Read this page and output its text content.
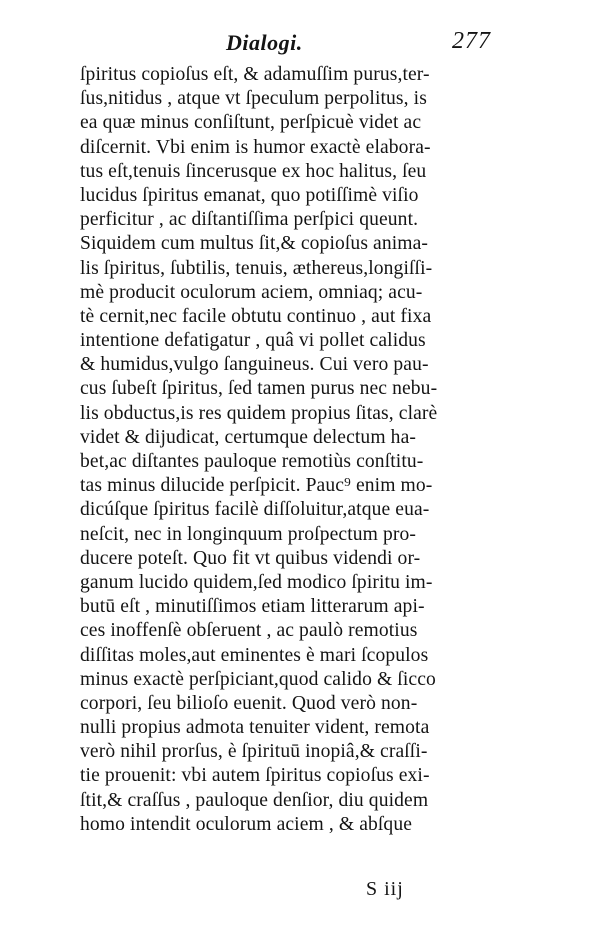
Dialogi.	277
ſpiritus copioſus eſt, & adamuſſim purus,ter-
ſus,nitidus , atque vt ſpeculum perpolitus, is
ea quæ minus conſiſtunt, perſpicuè videt ac
diſcernit. Vbi enim is humor exactè elabora-
tus eſt,tenuis ſincerusque ex hoc halitus, ſeu
lucidus ſpiritus emanat, quo potiſſimè viſio
perficitur , ac diſtantiſſima perſpici queunt.
Siquidem cum multus ſit,& copioſus anima-
lis ſpiritus, ſubtilis, tenuis, æthereus,longiſſi-
mè producit oculorum aciem, omniaq; acu-
tè cernit,nec facile obtutu continuo , aut fixa
intentione defatigatur , quâ vi pollet calidus
& humidus,vulgo ſanguineus. Cui vero pau-
cus ſubeſt ſpiritus, ſed tamen purus nec nebu-
lis obductus,is res quidem propius ſitas, clarè
videt & dijudicat, certumque delectum ha-
bet,ac diſtantes pauloque remotiùs conſtitu-
tas minus dilucide perſpicit. Pauc⁹ enim mo-
dicúſque ſpiritus facilè diſſoluitur,atque eua-
neſcit, nec in longinquum proſpectum pro-
ducere poteſt. Quo fit vt quibus videndi or-
ganum lucido quidem,ſed modico ſpiritu im-
butū eſt , minutiſſimos etiam litterarum api-
ces inoffenſè obſeruent , ac paulò remotius
diſſitas moles,aut eminentes è mari ſcopulos
minus exactè perſpiciant,quod calido & ſicco
corpori, ſeu bilioſo euenit. Quod verò non-
nulli propius admota tenuiter vident, remota
verò nihil prorſus, è ſpirituū inopiâ,& craſſi-
tie prouenit: vbi autem ſpiritus copioſus exi-
ſtit,& craſſus , pauloque denſior, diu quidem
homo intendit oculorum aciem , & abſque
S iij
